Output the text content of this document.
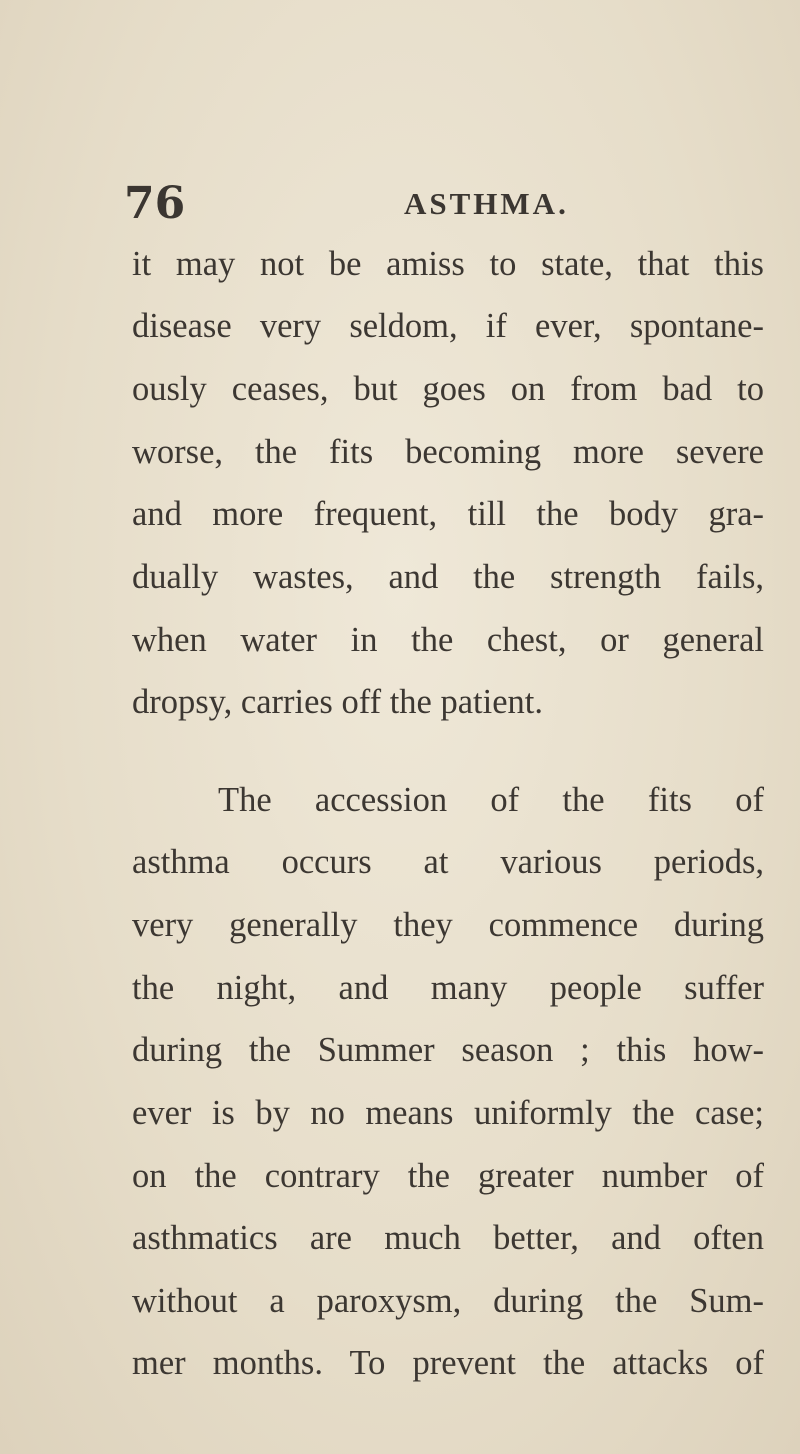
76	ASTHMA.
it may not be amiss to state, that this
disease very seldom, if ever, spontane-
ously ceases, but goes on from bad to
worse, the fits becoming more severe
and more frequent, till the body gra-
dually wastes, and the strength fails,
when water in the chest, or general
dropsy, carries off the patient.
The accession of the fits of
asthma occurs at various periods,
very generally they commence during
the night, and many people suffer
during the Summer season ; this how-
ever is by no means uniformly the case;
on the contrary the greater number of
asthmatics are much better, and often
without a paroxysm, during the Sum-
mer months. To prevent the attacks of
